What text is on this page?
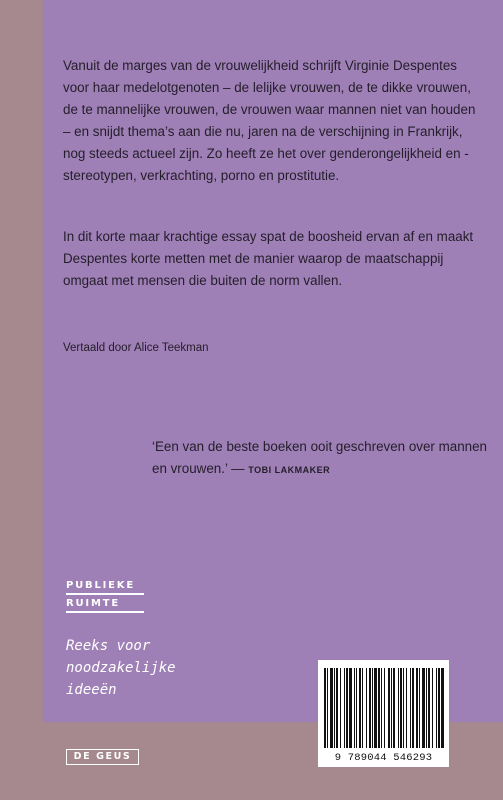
Vanuit de marges van de vrouwelijkheid schrijft Virginie Despentes voor haar medelotgenoten – de lelijke vrouwen, de te dikke vrouwen, de te mannelijke vrouwen, de vrouwen waar mannen niet van houden – en snijdt thema’s aan die nu, jaren na de verschijning in Frankrijk, nog steeds actueel zijn. Zo heeft ze het over genderongelijkheid en -stereotypen, verkrachting, porno en prostitutie.
In dit korte maar krachtige essay spat de boosheid ervan af en maakt Despentes korte metten met de manier waarop de maatschappij omgaat met mensen die buiten de norm vallen.
Vertaald door Alice Teekman
‘Een van de beste boeken ooit geschreven over mannen en vrouwen.’ — TOBI LAKMAKER
PUBLIEKE
RUIMTE
Reeks voor
noodzakelijke
ideeën
9 789044 546293
DE GEUS
